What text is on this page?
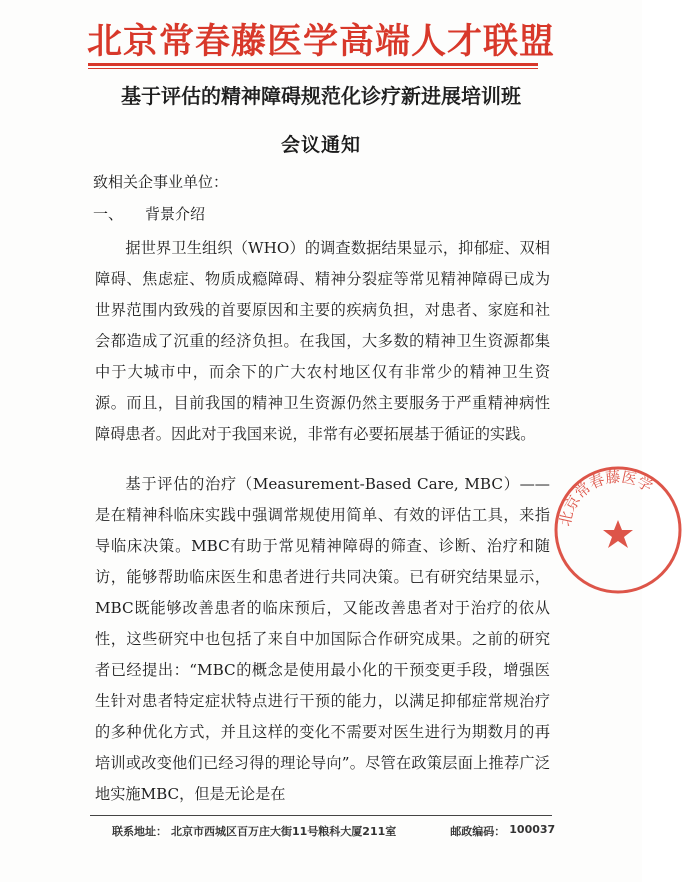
北京常春藤医学高端人才联盟
基于评估的精神障碍规范化诊疗新进展培训班
会议通知
致相关企事业单位：
一、 背景介绍

据世界卫生组织（WHO）的调查数据结果显示，抑郁症、双相障碍、焦虑症、物质成瘾障碍、精神分裂症等常见精神障碍已成为世界范围内致残的首要原因和主要的疾病负担，对患者、家庭和社会都造成了沉重的经济负担。在我国，大多数的精神卫生资源都集中于大城市中，而余下的广大农村地区仅有非常少的精神卫生资源。而且，目前我国的精神卫生资源仍然主要服务于严重精神病性障碍患者。因此对于我国来说，非常有必要拓展基于循证的实践。

基于评估的治疗（Measurement-Based Care, MBC）——是在精神科临床实践中强调常规使用简单、有效的评估工具，来指导临床决策。MBC有助于常见精神障碍的筛查、诊断、治疗和随访，能够帮助临床医生和患者进行共同决策。已有研究结果显示，MBC既能够改善患者的临床预后，又能改善患者对于治疗的依从性，这些研究中也包括了来自中加国际合作研究成果。之前的研究者已经提出：“MBC的概念是使用最小化的干预变更手段，增强医生针对患者特定症状特点进行干预的能力，以满足抑郁症常规治疗的多种优化方式，并且这样的变化不需要对医生进行为期数月的再培训或改变他们已经习得的理论导向”。尽管在政策层面上推荐广泛地实施MBC，但是无论是在

北京常春藤医学
联系地址： 北京市西城区百万庄大街11号粮科大厦211室	邮政编码： 100037
